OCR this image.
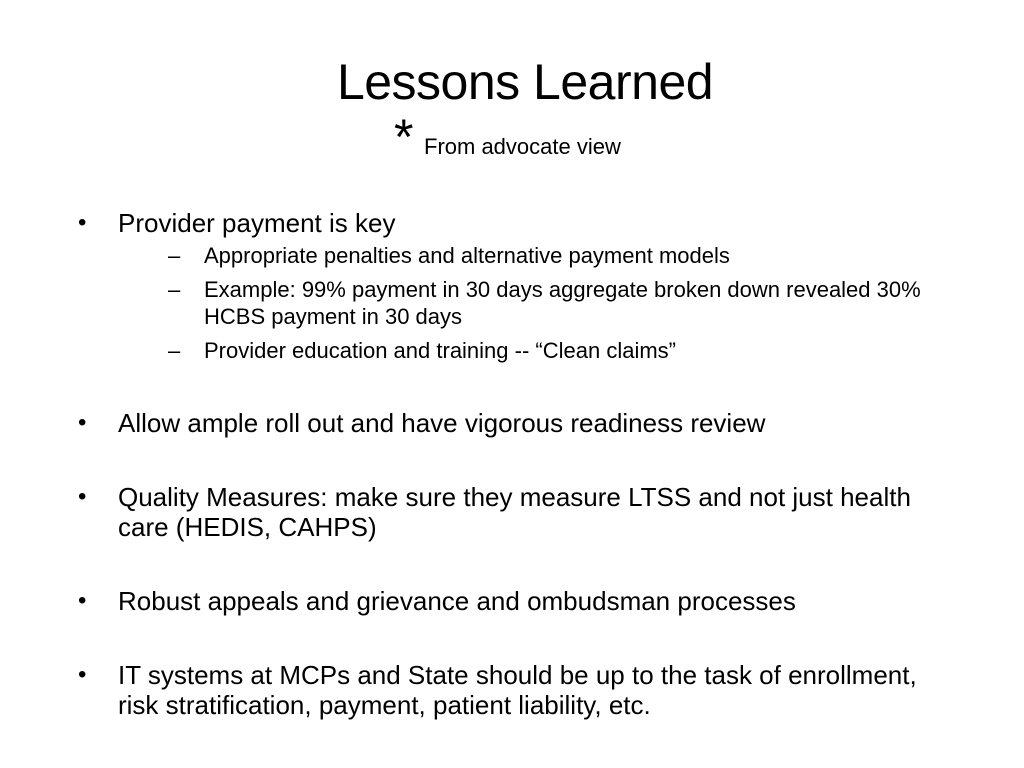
Lessons Learned
* From advocate view
•	Provider payment is key
– Appropriate penalties and alternative payment models
– Example: 99% payment in 30 days aggregate broken down revealed 30% HCBS payment in 30 days
– Provider education and training -- “Clean claims”
•	Allow ample roll out and have vigorous readiness review
•	Quality Measures: make sure they measure LTSS and not just health care (HEDIS, CAHPS)
•	Robust appeals and grievance and ombudsman processes
•	IT systems at MCPs and State should be up to the task of enrollment, risk stratification, payment, patient liability, etc.
